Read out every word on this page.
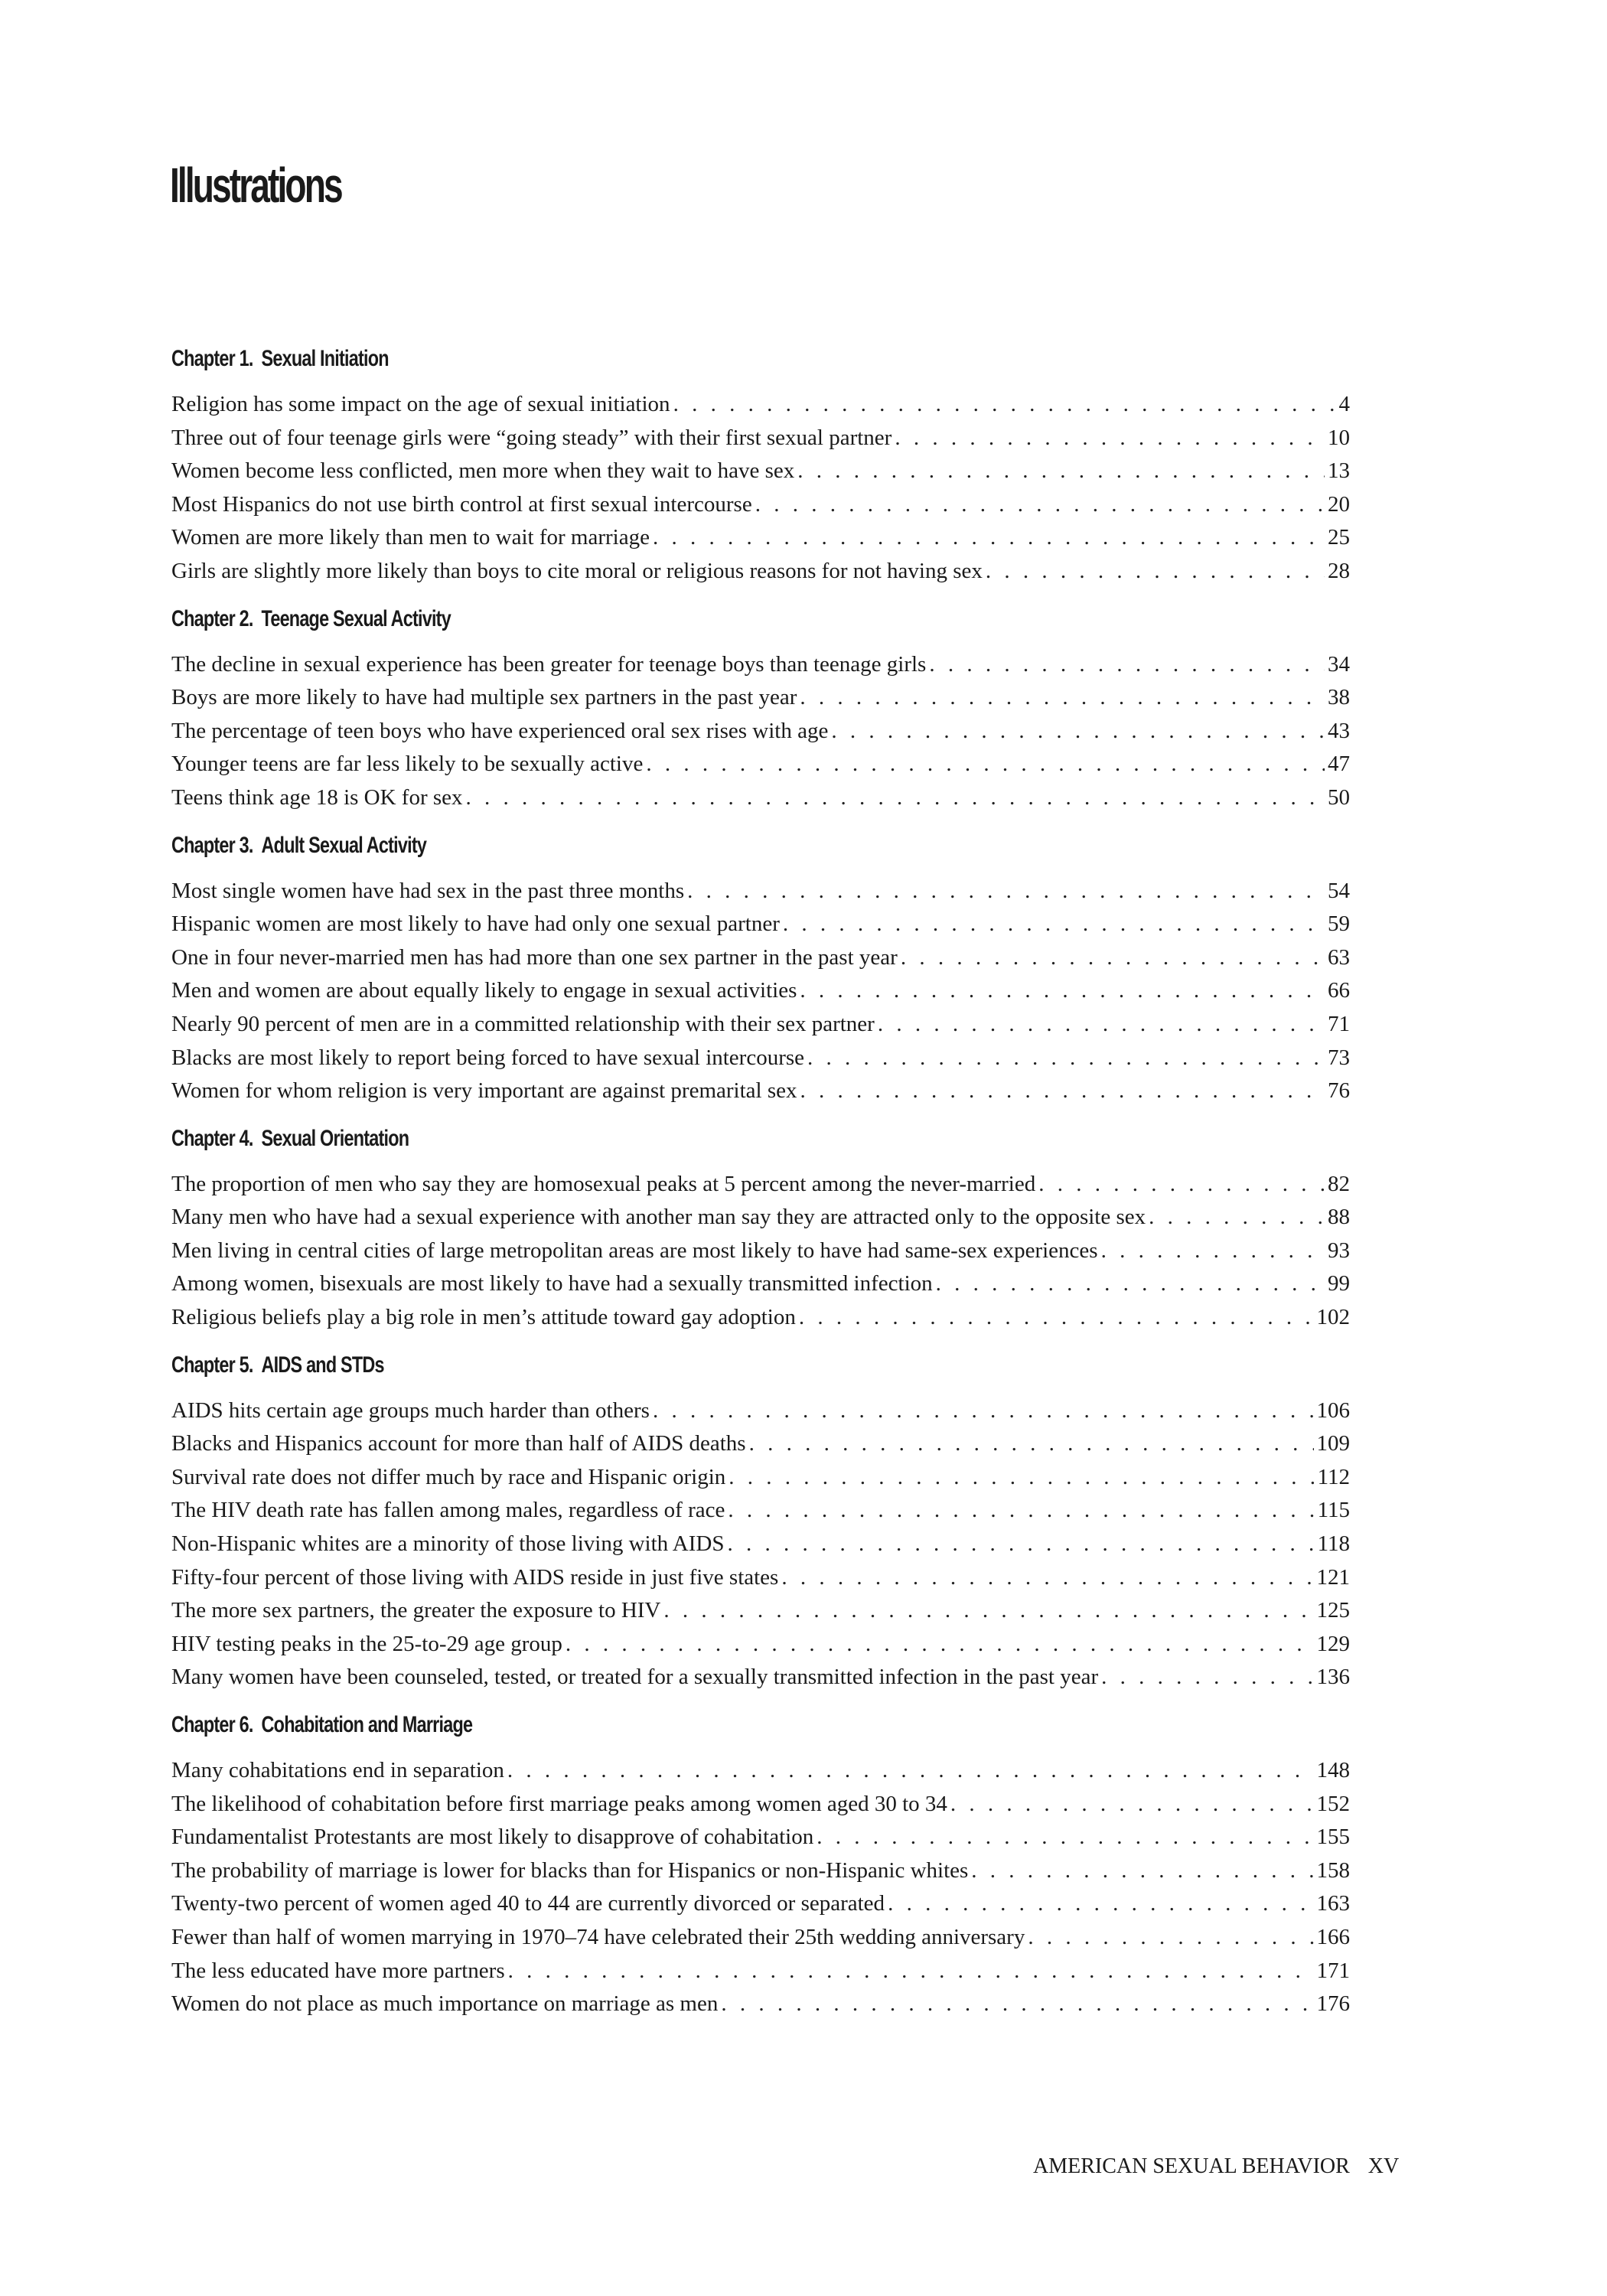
Illustrations
Chapter 1. Sexual Initiation
Religion has some impact on the age of sexual initiation . . .	4
Three out of four teenage girls were “going steady” with their first sexual partner . . .	10
Women become less conflicted, men more when they wait to have sex . . .	13
Most Hispanics do not use birth control at first sexual intercourse . . .	20
Women are more likely than men to wait for marriage . . .	25
Girls are slightly more likely than boys to cite moral or religious reasons for not having sex . . .	28
Chapter 2. Teenage Sexual Activity
The decline in sexual experience has been greater for teenage boys than teenage girls . . .	34
Boys are more likely to have had multiple sex partners in the past year . . .	38
The percentage of teen boys who have experienced oral sex rises with age . . .	43
Younger teens are far less likely to be sexually active . . .	47
Teens think age 18 is OK for sex . . .	50
Chapter 3. Adult Sexual Activity
Most single women have had sex in the past three months . . .	54
Hispanic women are most likely to have had only one sexual partner . . .	59
One in four never-married men has had more than one sex partner in the past year . . .	63
Men and women are about equally likely to engage in sexual activities . . .	66
Nearly 90 percent of men are in a committed relationship with their sex partner . . .	71
Blacks are most likely to report being forced to have sexual intercourse . . .	73
Women for whom religion is very important are against premarital sex . . .	76
Chapter 4. Sexual Orientation
The proportion of men who say they are homosexual peaks at 5 percent among the never-married . . .	82
Many men who have had a sexual experience with another man say they are attracted only to the opposite sex . . .	88
Men living in central cities of large metropolitan areas are most likely to have had same-sex experiences . . .	93
Among women, bisexuals are most likely to have had a sexually transmitted infection . . .	99
Religious beliefs play a big role in men’s attitude toward gay adoption . . .	102
Chapter 5. AIDS and STDs
AIDS hits certain age groups much harder than others . . .	106
Blacks and Hispanics account for more than half of AIDS deaths . . .	109
Survival rate does not differ much by race and Hispanic origin . . .	112
The HIV death rate has fallen among males, regardless of race . . .	115
Non-Hispanic whites are a minority of those living with AIDS . . .	118
Fifty-four percent of those living with AIDS reside in just five states . . .	121
The more sex partners, the greater the exposure to HIV . . .	125
HIV testing peaks in the 25-to-29 age group . . .	129
Many women have been counseled, tested, or treated for a sexually transmitted infection in the past year . . .	136
Chapter 6. Cohabitation and Marriage
Many cohabitations end in separation . . .	148
The likelihood of cohabitation before first marriage peaks among women aged 30 to 34 . . .	152
Fundamentalist Protestants are most likely to disapprove of cohabitation . . .	155
The probability of marriage is lower for blacks than for Hispanics or non-Hispanic whites . . .	158
Twenty-two percent of women aged 40 to 44 are currently divorced or separated . . .	163
Fewer than half of women marrying in 1970–74 have celebrated their 25th wedding anniversary . . .	166
The less educated have more partners . . .	171
Women do not place as much importance on marriage as men . . .	176
AMERICAN SEXUAL BEHAVIOR XV
